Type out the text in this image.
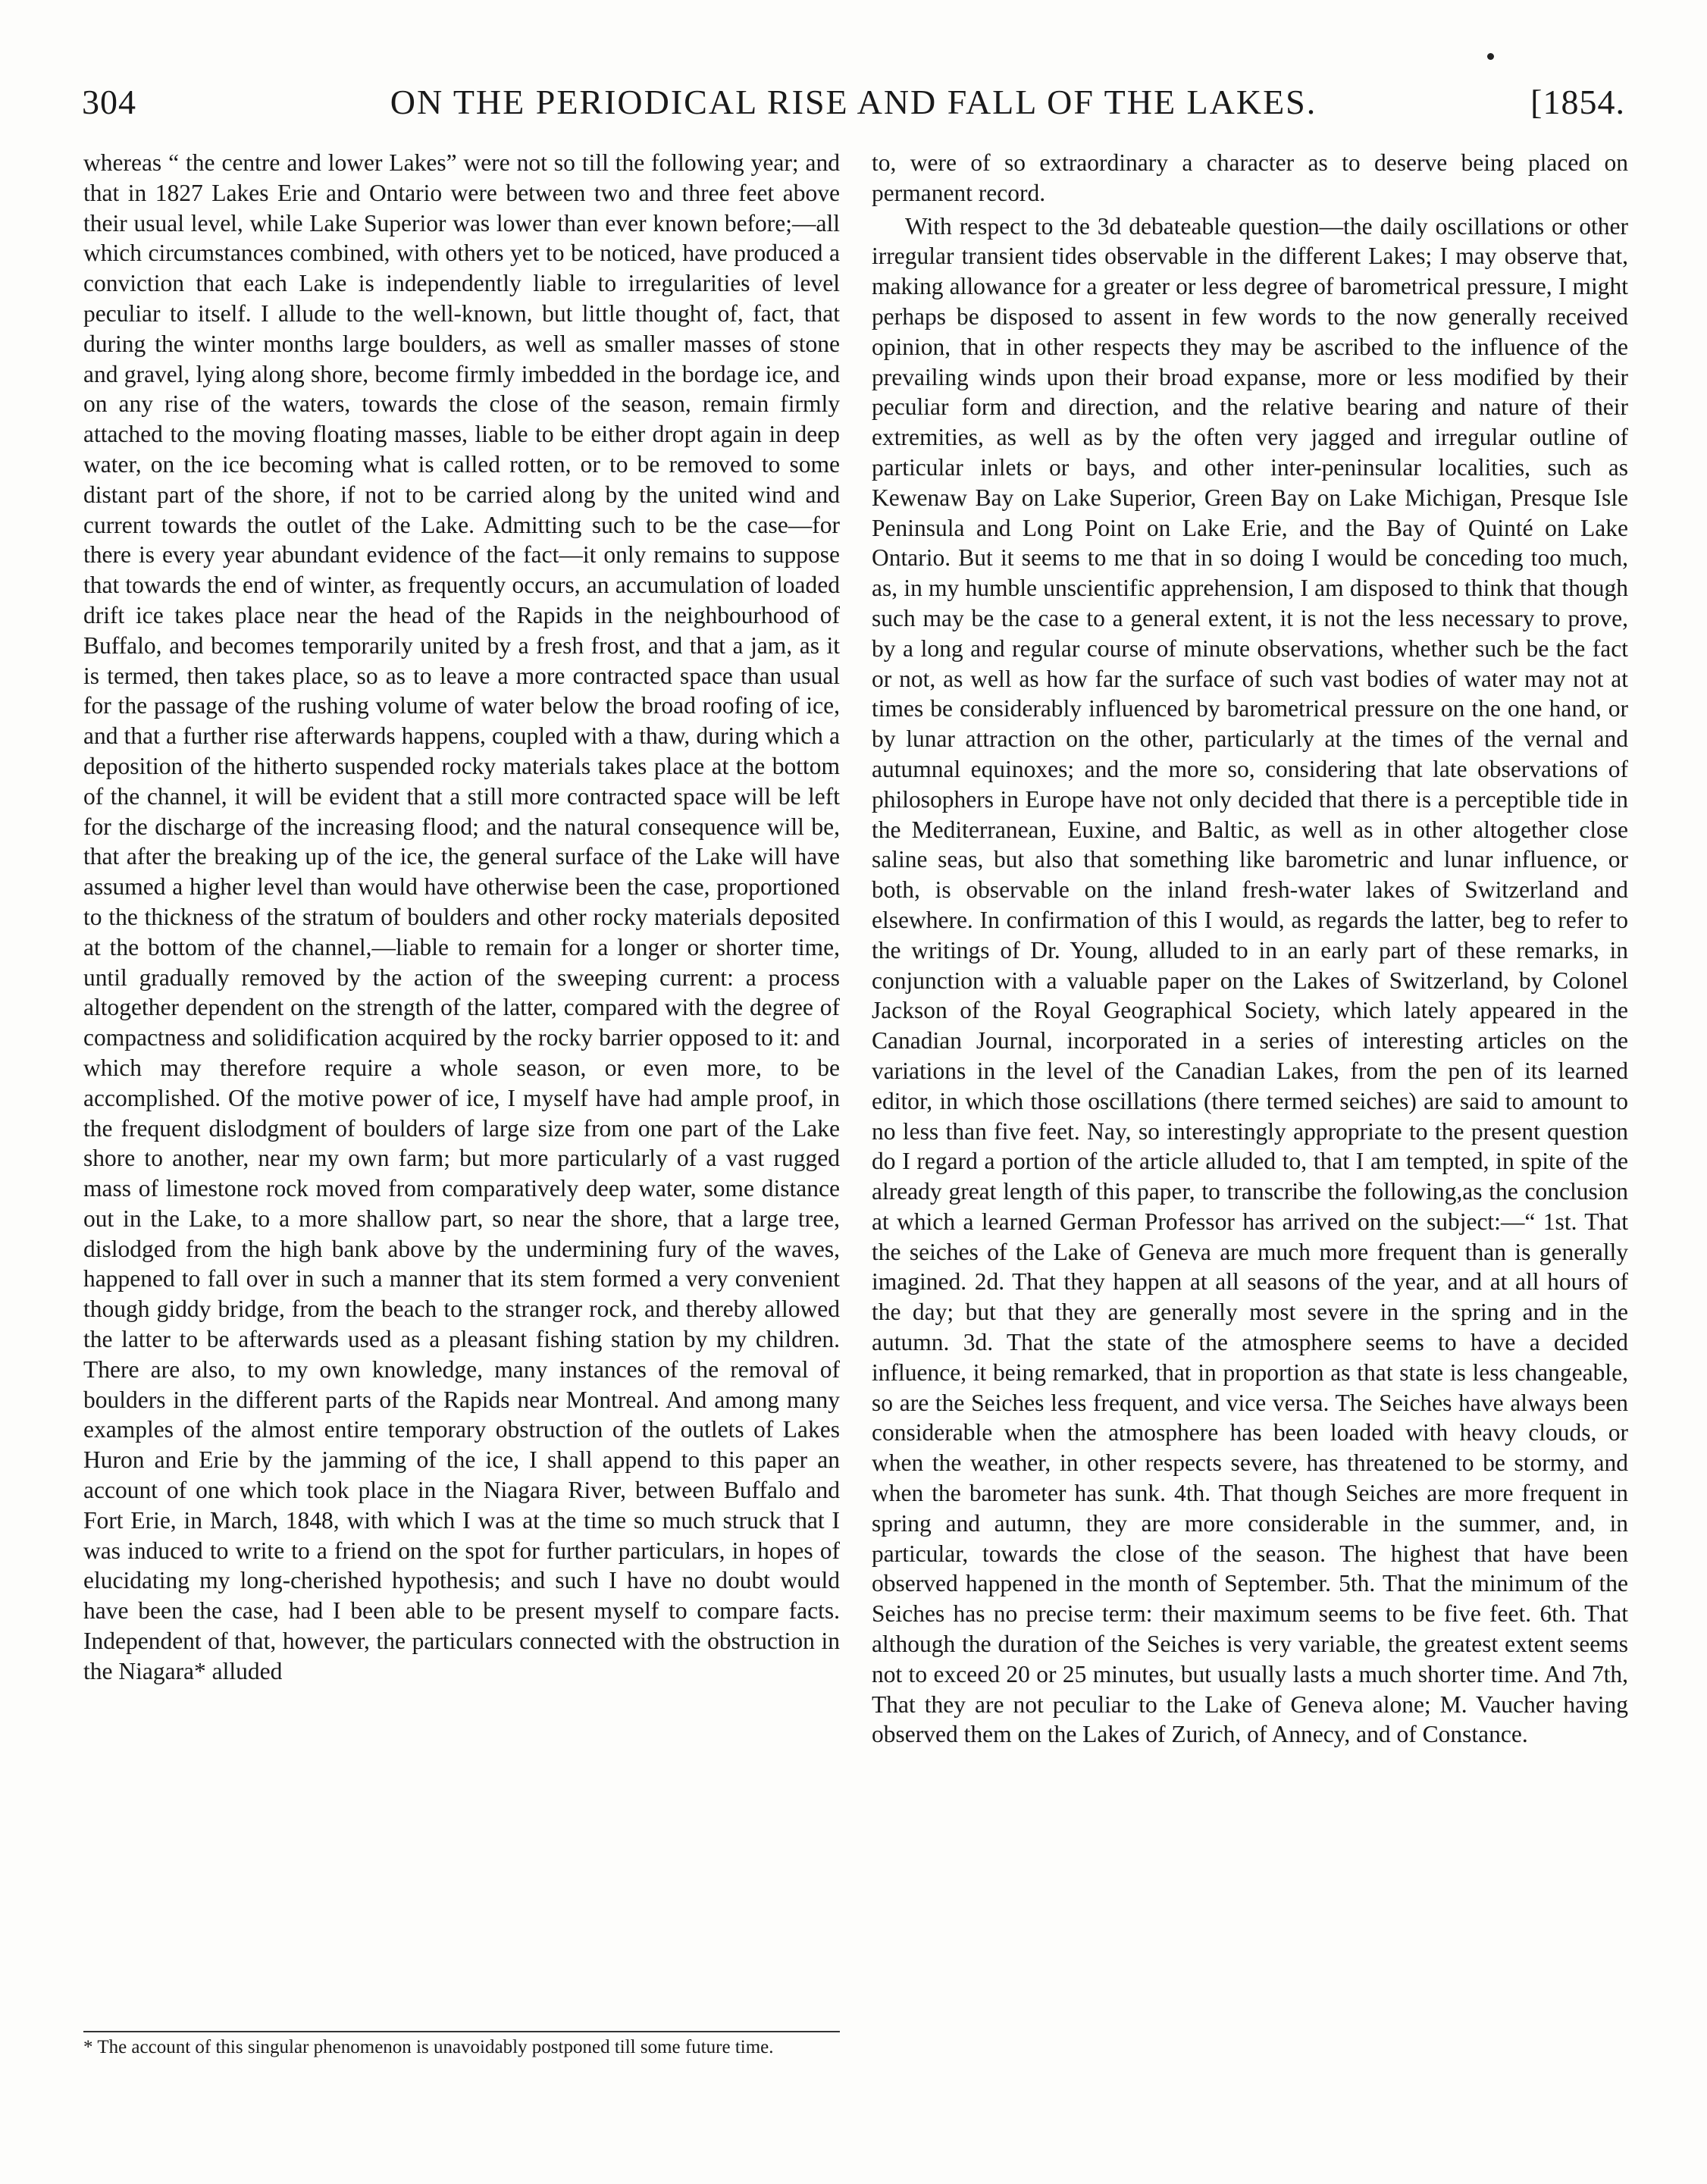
304	ON THE PERIODICAL RISE AND FALL OF THE LAKES.	[1854.

whereas “ the centre and lower Lakes” were not so till the following year; and that in 1827 Lakes Erie and Ontario were between two and three feet above their usual level, while Lake Superior was lower than ever known before;—all which circumstances combined, with others yet to be noticed, have produced a conviction that each Lake is independently liable to irregularities of level peculiar to itself. I allude to the well-known, but little thought of, fact, that during the winter months large boulders, as well as smaller masses of stone and gravel, lying along shore, become firmly imbedded in the bordage ice, and on any rise of the waters, towards the close of the season, remain firmly attached to the moving floating masses, liable to be either dropt again in deep water, on the ice becoming what is called rotten, or to be removed to some distant part of the shore, if not to be carried along by the united wind and current towards the outlet of the Lake. Admitting such to be the case—for there is every year abundant evidence of the fact—it only remains to suppose that towards the end of winter, as frequently occurs, an accumulation of loaded drift ice takes place near the head of the Rapids in the neighbourhood of Buffalo, and becomes temporarily united by a fresh frost, and that a jam, as it is termed, then takes place, so as to leave a more contracted space than usual for the passage of the rushing volume of water below the broad roofing of ice, and that a further rise afterwards happens, coupled with a thaw, during which a deposition of the hitherto suspended rocky materials takes place at the bottom of the channel, it will be evident that a still more contracted space will be left for the discharge of the increasing flood; and the natural consequence will be, that after the breaking up of the ice, the general surface of the Lake will have assumed a higher level than would have otherwise been the case, proportioned to the thickness of the stratum of boulders and other rocky materials deposited at the bottom of the channel,—liable to remain for a longer or shorter time, until gradually removed by the action of the sweeping current: a process altogether dependent on the strength of the latter, compared with the degree of compactness and solidification acquired by the rocky barrier opposed to it: and which may therefore require a whole season, or even more, to be accomplished. Of the motive power of ice, I myself have had ample proof, in the frequent dislodgment of boulders of large size from one part of the Lake shore to another, near my own farm; but more particularly of a vast rugged mass of limestone rock moved from comparatively deep water, some distance out in the Lake, to a more shallow part, so near the shore, that a large tree, dislodged from the high bank above by the undermining fury of the waves, happened to fall over in such a manner that its stem formed a very convenient though giddy bridge, from the beach to the stranger rock, and thereby allowed the latter to be afterwards used as a pleasant fishing station by my children. There are also, to my own knowledge, many instances of the removal of boulders in the different parts of the Rapids near Montreal. And among many examples of the almost entire temporary obstruction of the outlets of Lakes Huron and Erie by the jamming of the ice, I shall append to this paper an account of one which took place in the Niagara River, between Buffalo and Fort Erie, in March, 1848, with which I was at the time so much struck that I was induced to write to a friend on the spot for further particulars, in hopes of elucidating my long-cherished hypothesis; and such I have no doubt would have been the case, had I been able to be present myself to compare facts. Independent of that, however, the particulars connected with the obstruction in the Niagara* alluded

to, were of so extraordinary a character as to deserve being placed on permanent record.

With respect to the 3d debateable question—the daily oscillations or other irregular transient tides observable in the different Lakes; I may observe that, making allowance for a greater or less degree of barometrical pressure, I might perhaps be disposed to assent in few words to the now generally received opinion, that in other respects they may be ascribed to the influence of the prevailing winds upon their broad expanse, more or less modified by their peculiar form and direction, and the relative bearing and nature of their extremities, as well as by the often very jagged and irregular outline of particular inlets or bays, and other inter-peninsular localities, such as Kewenaw Bay on Lake Superior, Green Bay on Lake Michigan, Presque Isle Peninsula and Long Point on Lake Erie, and the Bay of Quinté on Lake Ontario. But it seems to me that in so doing I would be conceding too much, as, in my humble unscientific apprehension, I am disposed to think that though such may be the case to a general extent, it is not the less necessary to prove, by a long and regular course of minute observations, whether such be the fact or not, as well as how far the surface of such vast bodies of water may not at times be considerably influenced by barometrical pressure on the one hand, or by lunar attraction on the other, particularly at the times of the vernal and autumnal equinoxes; and the more so, considering that late observations of philosophers in Europe have not only decided that there is a perceptible tide in the Mediterranean, Euxine, and Baltic, as well as in other altogether close saline seas, but also that something like barometric and lunar influence, or both, is observable on the inland fresh-water lakes of Switzerland and elsewhere. In confirmation of this I would, as regards the latter, beg to refer to the writings of Dr. Young, alluded to in an early part of these remarks, in conjunction with a valuable paper on the Lakes of Switzerland, by Colonel Jackson of the Royal Geographical Society, which lately appeared in the Canadian Journal, incorporated in a series of interesting articles on the variations in the level of the Canadian Lakes, from the pen of its learned editor, in which those oscillations (there termed seiches) are said to amount to no less than five feet. Nay, so interestingly appropriate to the present question do I regard a portion of the article alluded to, that I am tempted, in spite of the already great length of this paper, to transcribe the following,as the conclusion at which a learned German Professor has arrived on the subject:—“ 1st. That the seiches of the Lake of Geneva are much more frequent than is generally imagined. 2d. That they happen at all seasons of the year, and at all hours of the day; but that they are generally most severe in the spring and in the autumn. 3d. That the state of the atmosphere seems to have a decided influence, it being remarked, that in proportion as that state is less changeable, so are the Seiches less frequent, and vice versa. The Seiches have always been considerable when the atmosphere has been loaded with heavy clouds, or when the weather, in other respects severe, has threatened to be stormy, and when the barometer has sunk. 4th. That though Seiches are more frequent in spring and autumn, they are more considerable in the summer, and, in particular, towards the close of the season. The highest that have been observed happened in the month of September. 5th. That the minimum of the Seiches has no precise term: their maximum seems to be five feet. 6th. That although the duration of the Seiches is very variable, the greatest extent seems not to exceed 20 or 25 minutes, but usually lasts a much shorter time. And 7th, That they are not peculiar to the Lake of Geneva alone; M. Vaucher having observed them on the Lakes of Zurich, of Annecy, and of Constance.

* The account of this singular phenomenon is unavoidably postponed till some future time.
